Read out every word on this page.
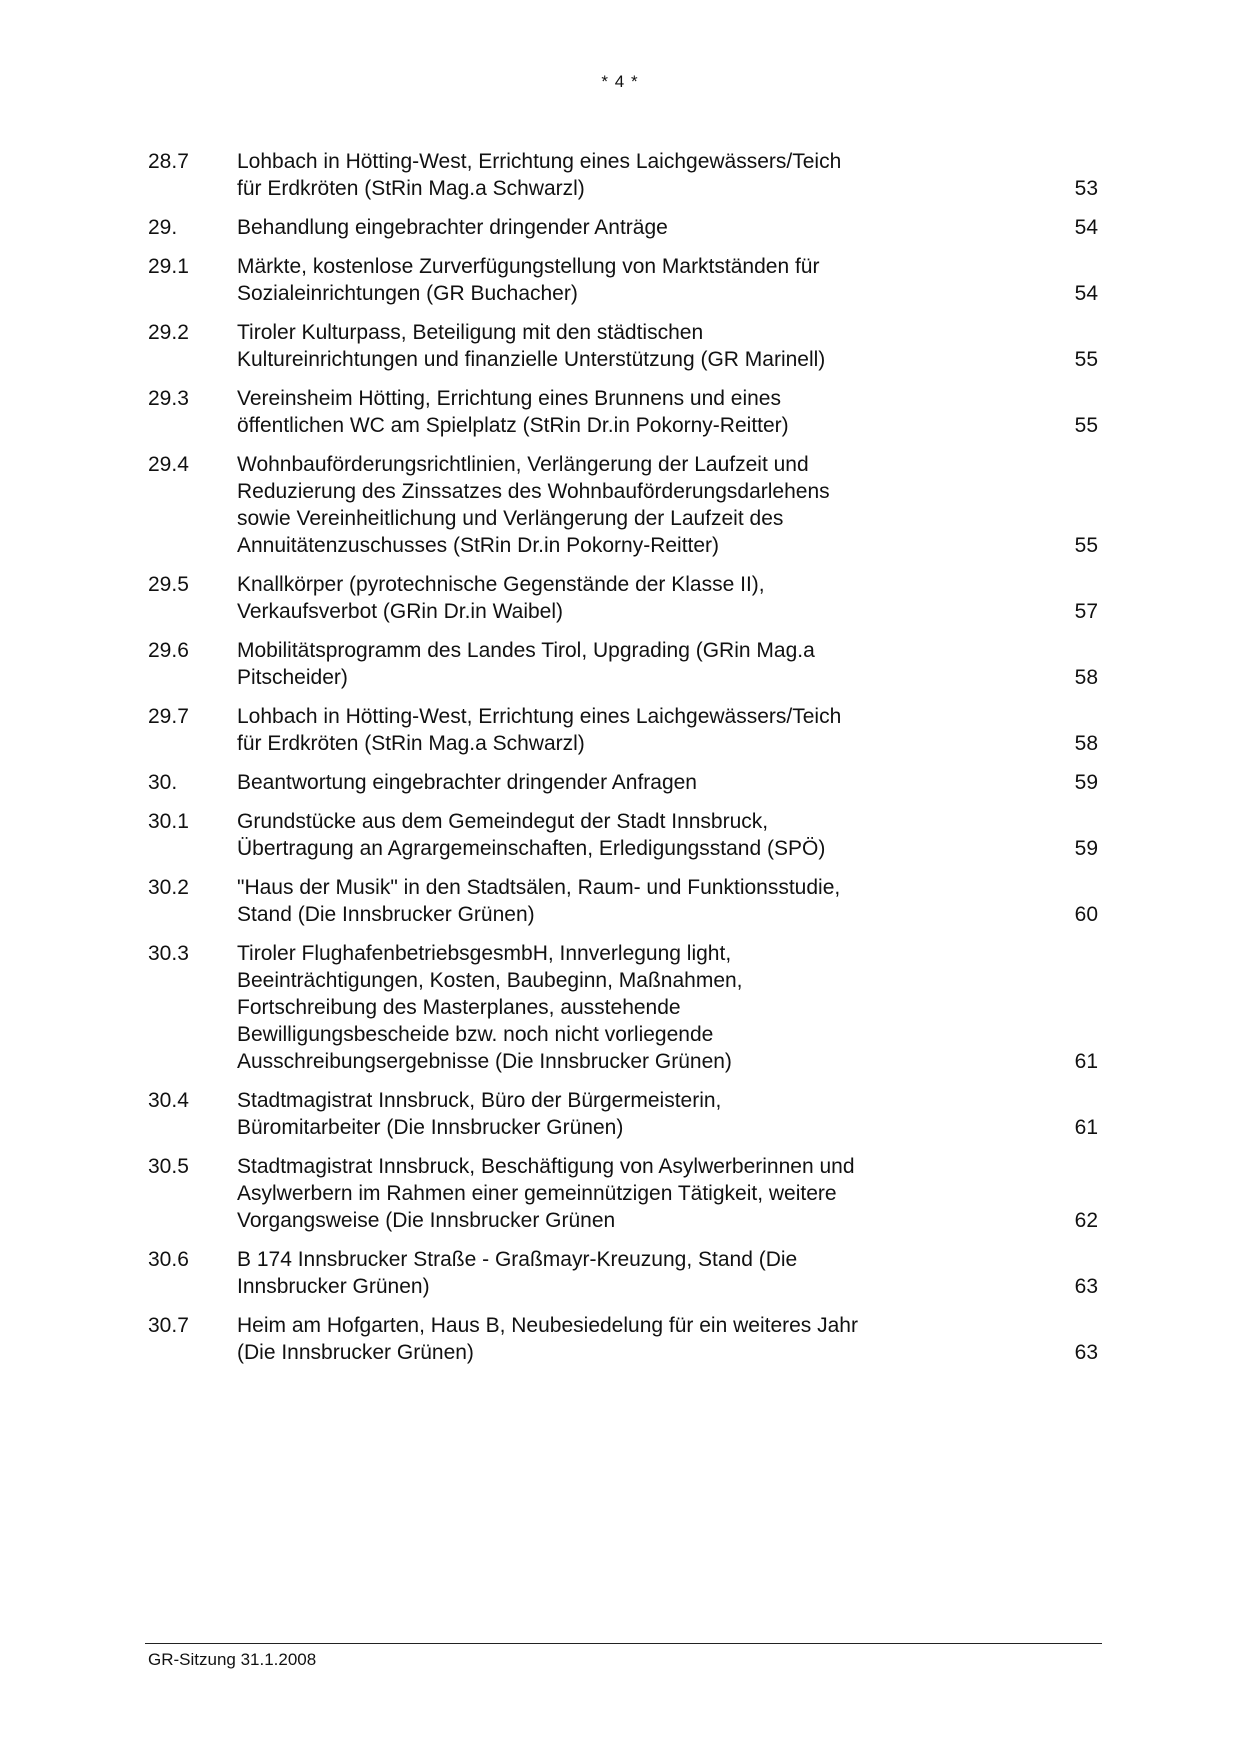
* 4 *
28.7	Lohbach in Hötting-West, Errichtung eines Laichgewässers/Teich
für Erdkröten (StRin Mag.a Schwarzl)	53
29.	Behandlung eingebrachter dringender Anträge	54
29.1	Märkte, kostenlose Zurverfügungstellung von Marktständen für
Sozialeinrichtungen (GR Buchacher)	54
29.2	Tiroler Kulturpass, Beteiligung mit den städtischen
Kultureinrichtungen und finanzielle Unterstützung (GR Marinell)	55
29.3	Vereinsheim Hötting, Errichtung eines Brunnens und eines
öffentlichen WC am Spielplatz (StRin Dr.in Pokorny-Reitter)	55
29.4	Wohnbauförderungsrichtlinien, Verlängerung der Laufzeit und
Reduzierung des Zinssatzes des Wohnbauförderungsdarlehens
sowie Vereinheitlichung und Verlängerung der Laufzeit des
Annuitätenzuschusses (StRin Dr.in Pokorny-Reitter)	55
29.5	Knallkörper (pyrotechnische Gegenstände der Klasse II),
Verkaufsverbot (GRin Dr.in Waibel)	57
29.6	Mobilitätsprogramm des Landes Tirol, Upgrading (GRin Mag.a
Pitscheider)	58
29.7	Lohbach in Hötting-West, Errichtung eines Laichgewässers/Teich
für Erdkröten (StRin Mag.a Schwarzl)	58
30.	Beantwortung eingebrachter dringender Anfragen	59
30.1	Grundstücke aus dem Gemeindegut der Stadt Innsbruck,
Übertragung an Agrargemeinschaften, Erledigungsstand (SPÖ)	59
30.2	"Haus der Musik" in den Stadtsälen, Raum- und Funktionsstudie,
Stand (Die Innsbrucker Grünen)	60
30.3	Tiroler FlughafenbetriebsgesmbH, Innverlegung light,
Beeinträchtigungen, Kosten, Baubeginn, Maßnahmen,
Fortschreibung des Masterplanes, ausstehende
Bewilligungsbescheide bzw. noch nicht vorliegende
Ausschreibungsergebnisse (Die Innsbrucker Grünen)	61
30.4	Stadtmagistrat Innsbruck, Büro der Bürgermeisterin,
Büromitarbeiter (Die Innsbrucker Grünen)	61
30.5	Stadtmagistrat Innsbruck, Beschäftigung von Asylwerberinnen und
Asylwerbern im Rahmen einer gemeinnützigen Tätigkeit, weitere
Vorgangsweise (Die Innsbrucker Grünen	62
30.6	B 174 Innsbrucker Straße - Graßmayr-Kreuzung, Stand (Die
Innsbrucker Grünen)	63
30.7	Heim am Hofgarten, Haus B, Neubesiedelung für ein weiteres Jahr
(Die Innsbrucker Grünen)	63
GR-Sitzung 31.1.2008
